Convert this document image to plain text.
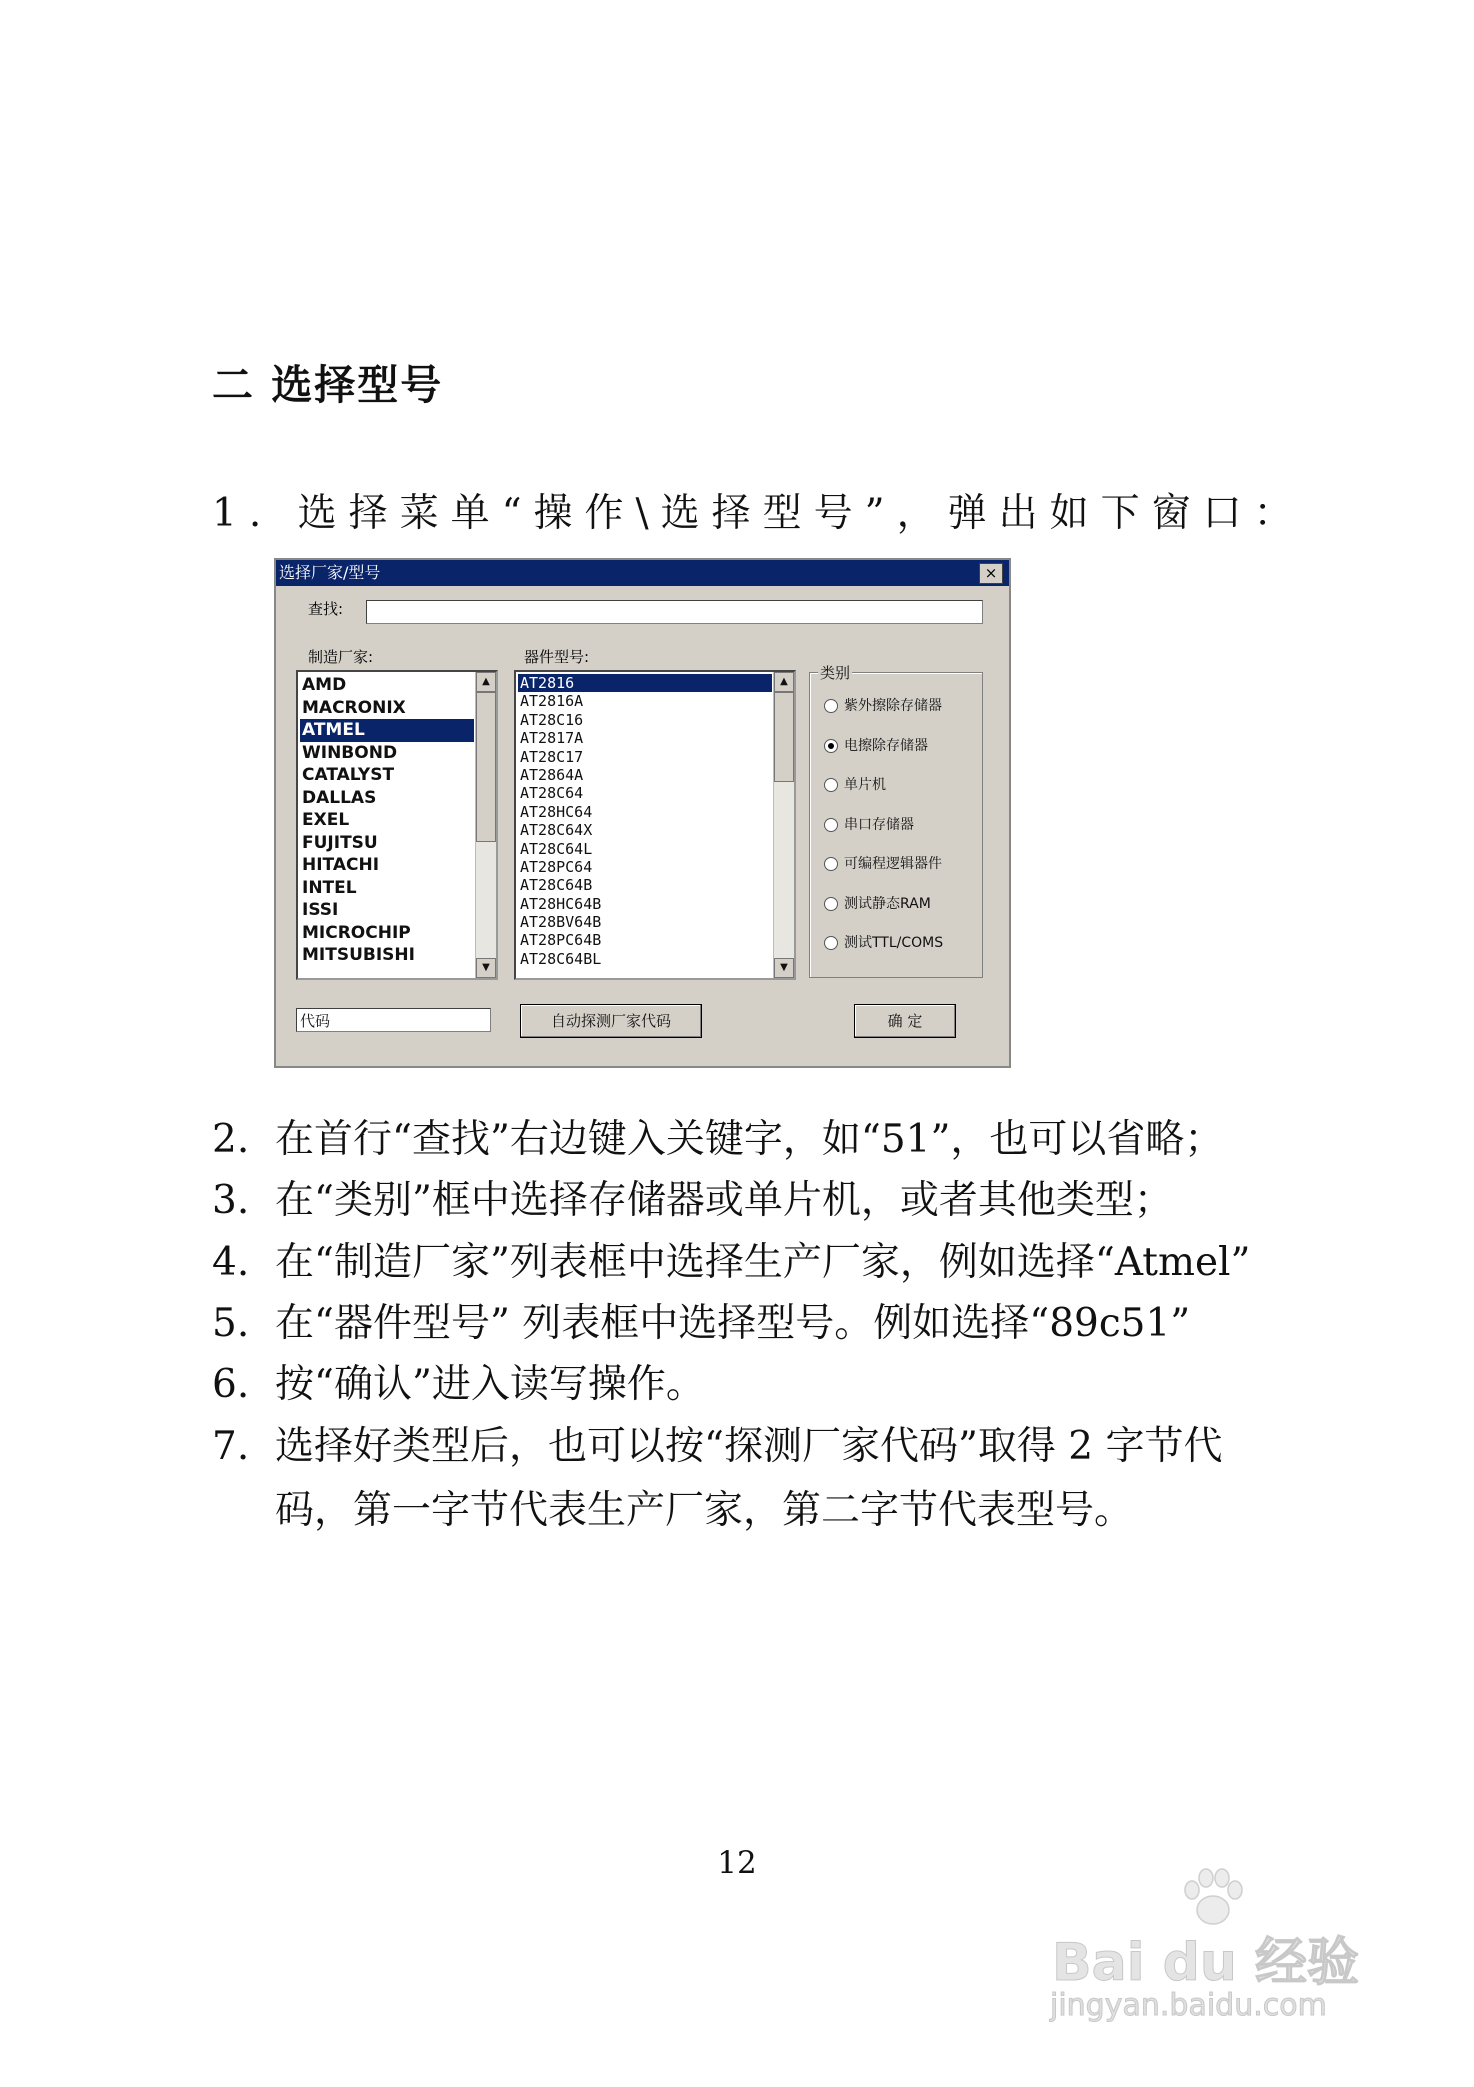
二 选择型号
1. 选择菜单“操作\选择型号”，弹出如下窗口：
选择厂家/型号	×
查找:
制造厂家:	器件型号:
AMD
MACRONIX
ATMEL
WINBOND
CATALYST
DALLAS
EXEL
FUJITSU
HITACHI
INTEL
ISSI
MICROCHIP
MITSUBISHI
▲
▼
AT2816
AT2816A
AT28C16
AT2817A
AT28C17
AT2864A
AT28C64
AT28HC64
AT28C64X
AT28C64L
AT28PC64
AT28C64B
AT28HC64B
AT28BV64B
AT28PC64B
AT28C64BL
▲
▼
类别
紫外擦除存储器
电擦除存储器
单片机
串口存储器
可编程逻辑器件
测试静态RAM
测试TTL/COMS
代码	自动探测厂家代码	确 定
2. 在首行“查找”右边键入关键字，如“51”，也可以省略；
3. 在“类别”框中选择存储器或单片机，或者其他类型；
4. 在“制造厂家”列表框中选择生产厂家，例如选择“Atmel”
5. 在“器件型号” 列表框中选择型号。例如选择“89c51”
6. 按“确认”进入读写操作。
7. 选择好类型后，也可以按“探测厂家代码”取得 2 字节代
码，第一字节代表生产厂家，第二字节代表型号。
12
Bai du 经验
jingyan.baidu.com
